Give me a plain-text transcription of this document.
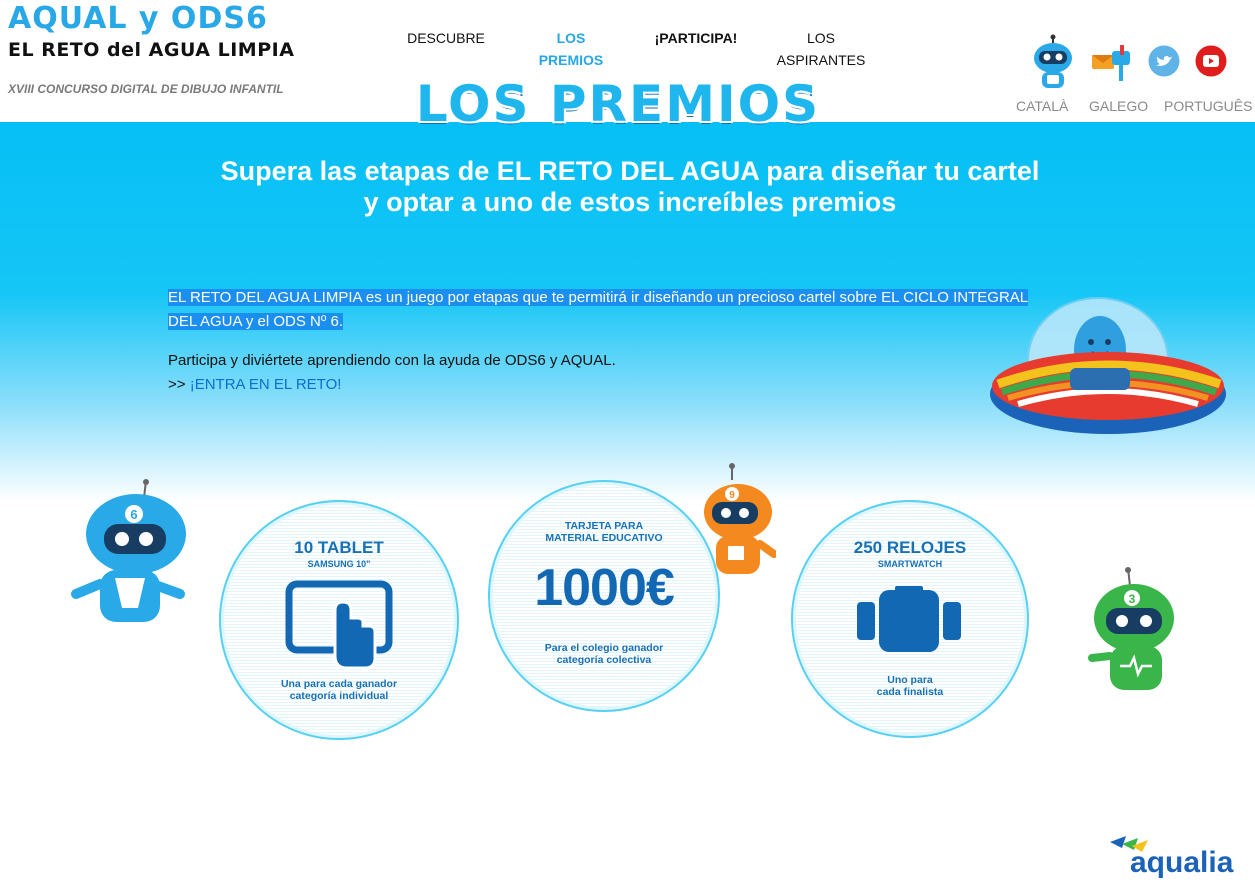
AQUAL y ODS6
EL RETO del AGUA LIMPIA
XVIII CONCURSO DIGITAL DE DIBUJO INFANTIL
DESCUBRE	LOS
PREMIOS
¡PARTICIPA!	LOS
ASPIRANTES
CATALÀ GALEGO PORTUGUÊS
LOS PREMIOS
Supera las etapas de EL RETO DEL AGUA para diseñar tu cartel y optar a uno de estos increíbles premios
EL RETO DEL AGUA LIMPIA es un juego por etapas que te permitirá ir diseñando un precioso cartel sobre EL CICLO INTEGRAL DEL AGUA y el ODS Nº 6.
Participa y diviértete aprendiendo con la ayuda de ODS6 y AQUAL.
>> ¡ENTRA EN EL RETO!
6
9
3
10 TABLET
SAMSUNG 10"
Una para cada ganador
categoría individual
TARJETA PARA
MATERIAL EDUCATIVO
1000€
Para el colegio ganador
categoría colectiva
250 RELOJES
SMARTWATCH
Uno para
cada finalista
aqualia
